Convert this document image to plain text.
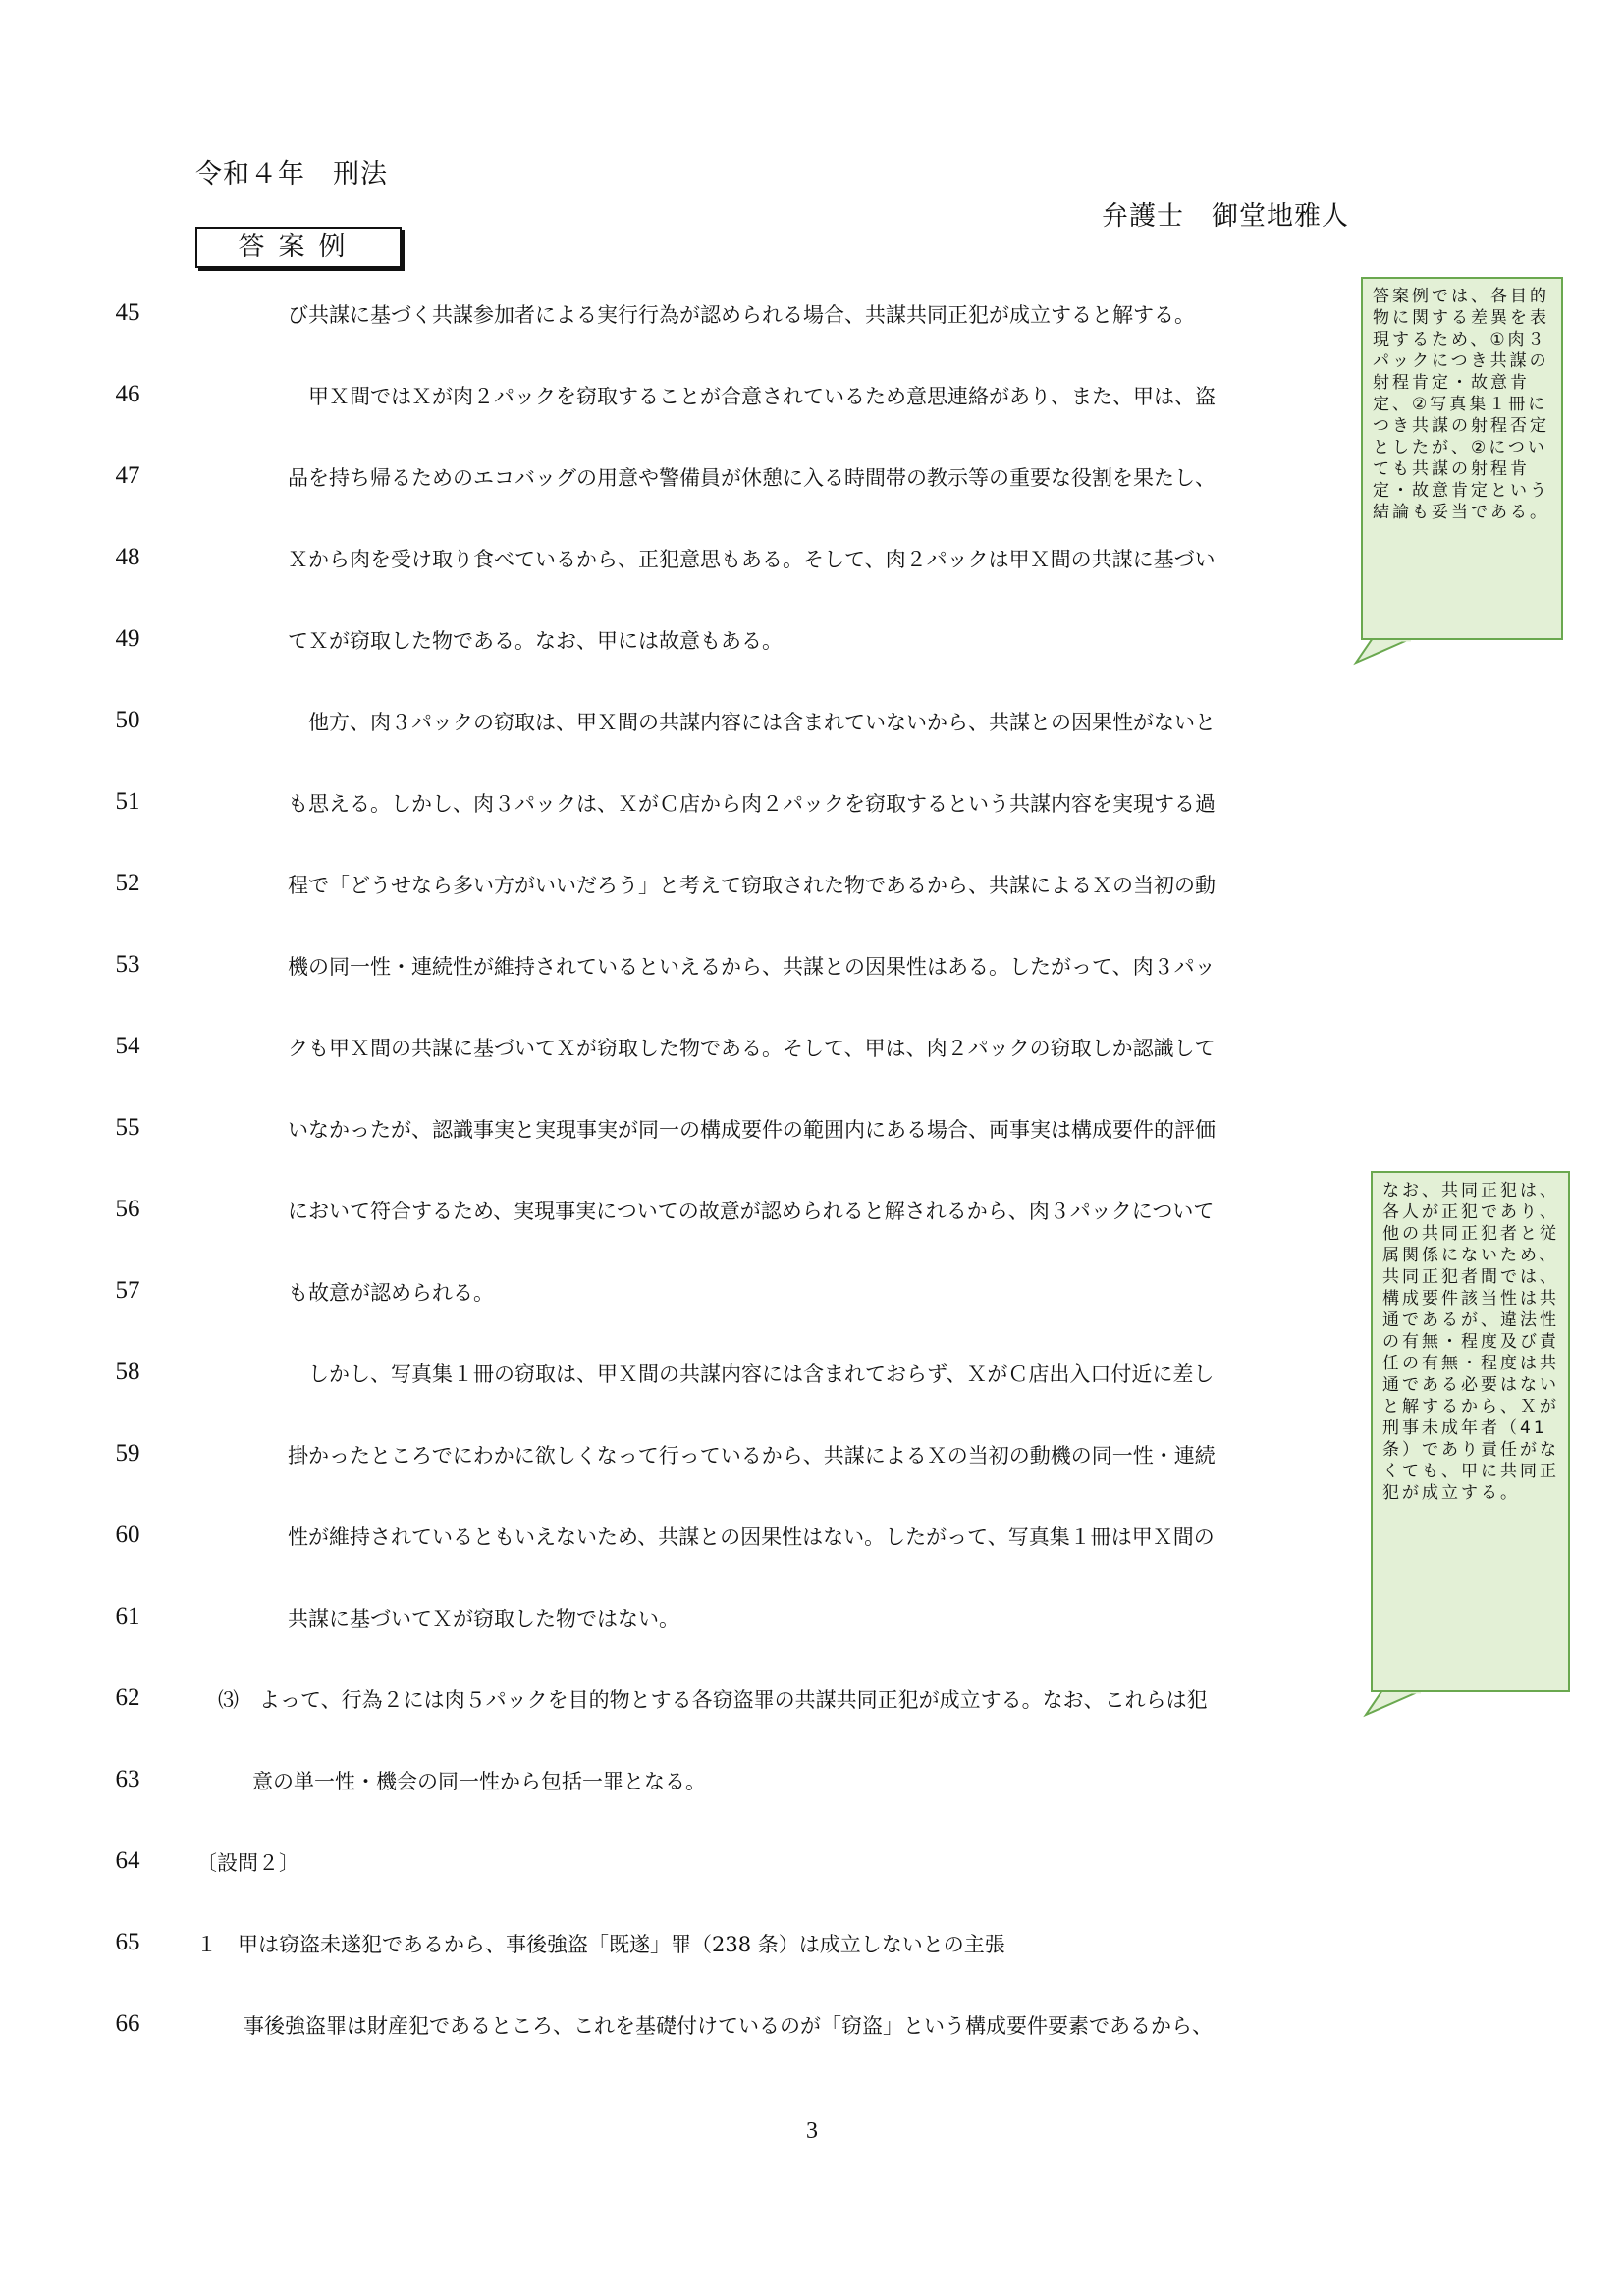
令和４年　刑法
弁護士　御堂地雅人
答案例
45	び共謀に基づく共謀参加者による実行行為が認められる場合、共謀共同正犯が成立すると解する。
46	　甲Ｘ間ではＸが肉２パックを窃取することが合意されているため意思連絡があり、また、甲は、盗
47	品を持ち帰るためのエコバッグの用意や警備員が休憩に入る時間帯の教示等の重要な役割を果たし、
48	Ｘから肉を受け取り食べているから、正犯意思もある。そして、肉２パックは甲Ｘ間の共謀に基づい
49	てＸが窃取した物である。なお、甲には故意もある。
50	　他方、肉３パックの窃取は、甲Ｘ間の共謀内容には含まれていないから、共謀との因果性がないと
51	も思える。しかし、肉３パックは、ＸがＣ店から肉２パックを窃取するという共謀内容を実現する過
52	程で「どうせなら多い方がいいだろう」と考えて窃取された物であるから、共謀によるＸの当初の動
53	機の同一性・連続性が維持されているといえるから、共謀との因果性はある。したがって、肉３パッ
54	クも甲Ｘ間の共謀に基づいてＸが窃取した物である。そして、甲は、肉２パックの窃取しか認識して
55	いなかったが、認識事実と実現事実が同一の構成要件の範囲内にある場合、両事実は構成要件的評価
56	において符合するため、実現事実についての故意が認められると解されるから、肉３パックについて
57	も故意が認められる。
58	　しかし、写真集１冊の窃取は、甲Ｘ間の共謀内容には含まれておらず、ＸがＣ店出入口付近に差し
59	掛かったところでにわかに欲しくなって行っているから、共謀によるＸの当初の動機の同一性・連続
60	性が維持されているともいえないため、共謀との因果性はない。したがって、写真集１冊は甲Ｘ間の
61	共謀に基づいてＸが窃取した物ではない。
62	⑶　よって、行為２には肉５パックを目的物とする各窃盗罪の共謀共同正犯が成立する。なお、これらは犯
63	意の単一性・機会の同一性から包括一罪となる。
64	〔設問２〕
65	１　甲は窃盗未遂犯であるから、事後強盗「既遂」罪（238 条）は成立しないとの主張
66	事後強盗罪は財産犯であるところ、これを基礎付けているのが「窃盗」という構成要件要素であるから、
答案例では、各目的物に関する差異を表現するため、①肉３パックにつき共謀の射程肯定・故意肯定、②写真集１冊につき共謀の射程否定としたが、②についても共謀の射程肯定・故意肯定という結論も妥当である。
なお、共同正犯は、各人が正犯であり、他の共同正犯者と従属関係にないため、共同正犯者間では、構成要件該当性は共通であるが、違法性の有無・程度及び責任の有無・程度は共通である必要はないと解するから、Ｘが刑事未成年者（41 条）であり責任がなくても、甲に共同正犯が成立する。
3
